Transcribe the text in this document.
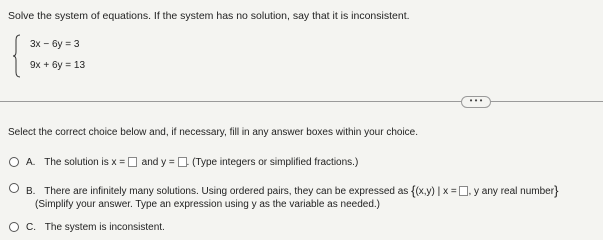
Solve the system of equations. If the system has no solution, say that it is inconsistent.
3x − 6y = 3
9x + 6y = 13
• • •
Select the correct choice below and, if necessary, fill in any answer boxes within your choice.
A. The solution is x = and y = . (Type integers or simplified fractions.)
B. There are infinitely many solutions. Using ordered pairs, they can be expressed as {(x,y) | x = , y any real number}
(Simplify your answer. Type an expression using y as the variable as needed.)
C. The system is inconsistent.
